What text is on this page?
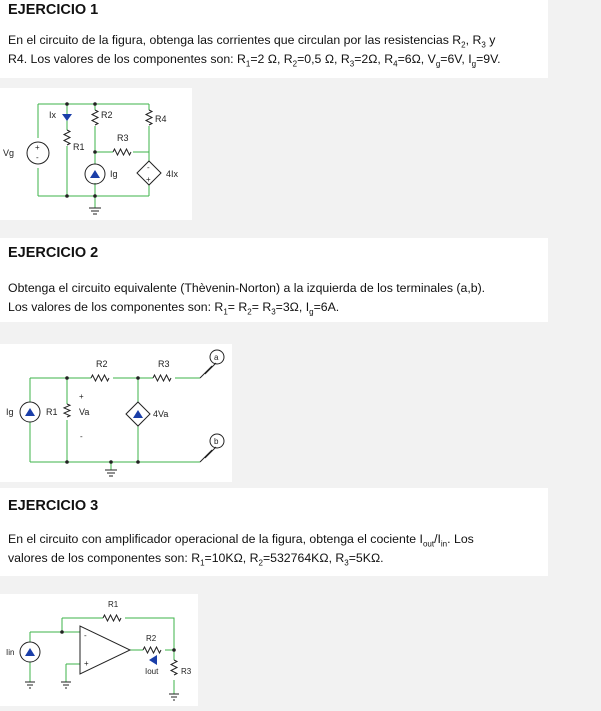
EJERCICIO 1
En el circuito de la figura, obtenga las corrientes que circulan por las resistencias $R_2$, $R_3$ y
R4. Los valores de los componentes son: $R_1=2$ Ω, $R_2=0,5$ Ω, $R_3=2\Omega$, $R_4=6\Omega$, $V_g=6V$, $I_g=9V$.
Vg
+
-
Ix
R1
R2
R3
R4
Ig	4Ix
-
+
EJERCICIO 2
Obtenga el circuito equivalente (Thèvenin-Norton) a la izquierda de los terminales (a,b).
Los valores de los componentes son: $R_1= R_2= R_3=3\Omega$, $I_g=6A$.
Ig	R1 Va
+
-
R2	R3
4Va
a
b
EJERCICIO 3
En el circuito con amplificador operacional de la figura, obtenga el cociente $I_{out}/I_{in}$. Los
valores de los componentes son: $R_1=10K\Omega$, $R_2=532764K\Omega$, $R_3=5K\Omega$.
Iin
R1
R2
R3
Iout
-
+
